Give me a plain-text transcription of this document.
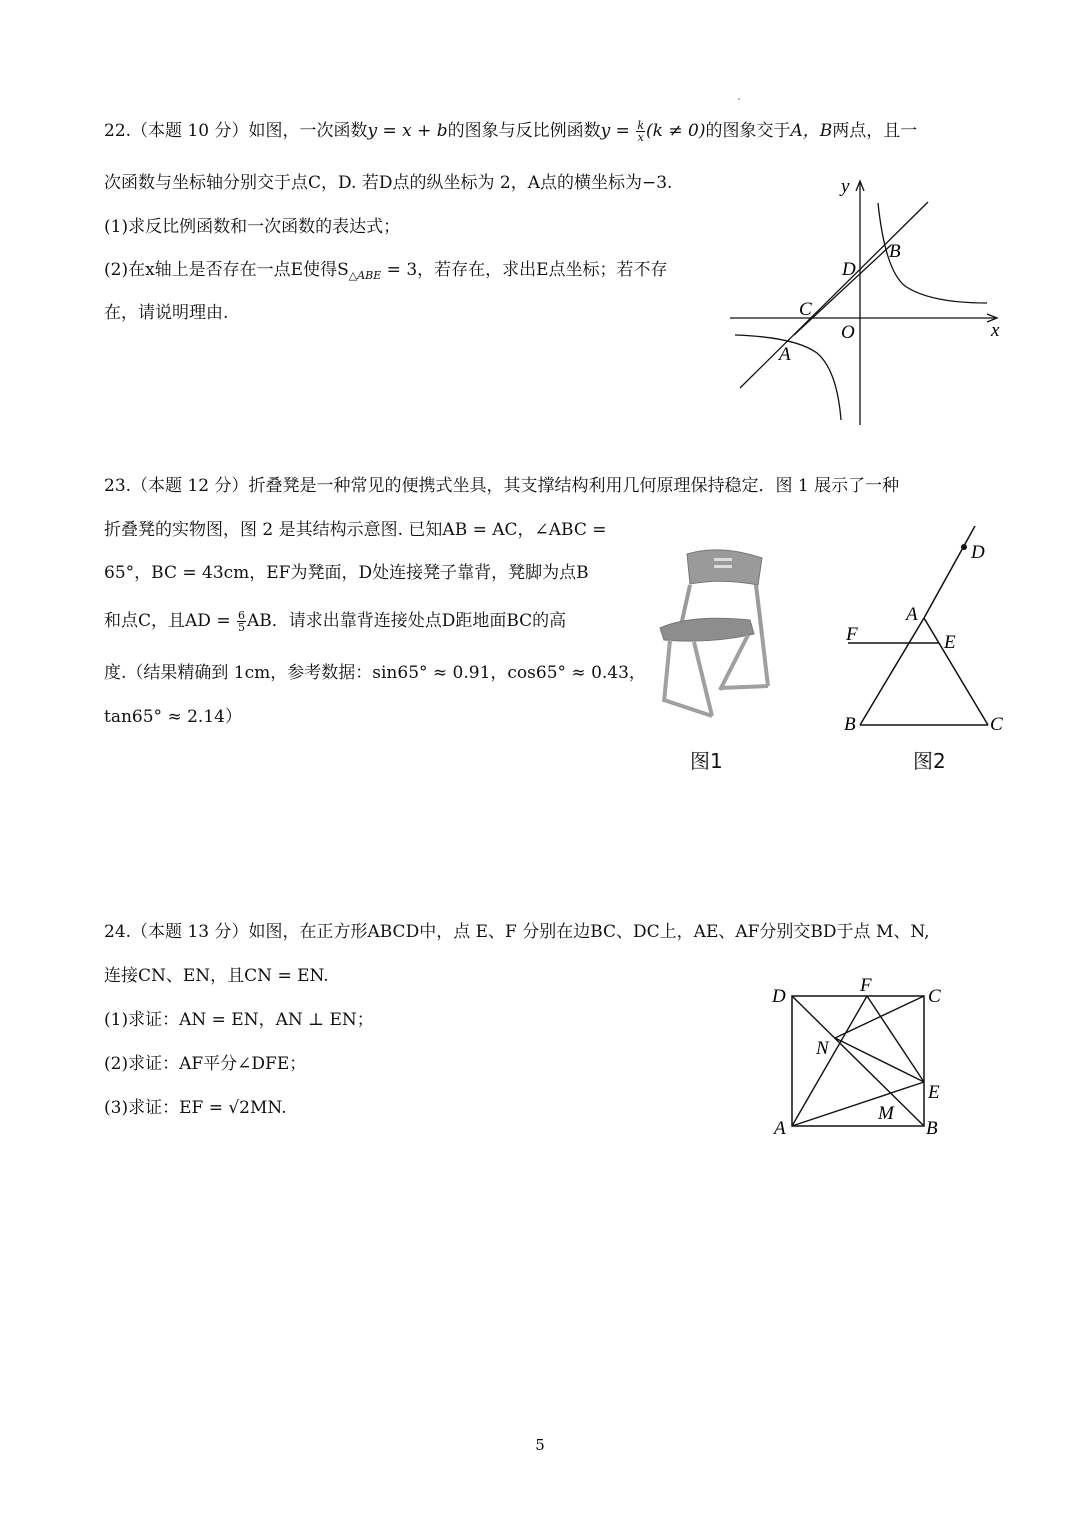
22.（本题 10 分）如图，一次函数y = x + b的图象与反比例函数$y = \frac{k}{x} (k \ne 0)$的图象交于A，B两点，且一
次函数与坐标轴分别交于点C，D. 若D点的纵坐标为 2，A点的横坐标为−3.
(1)求反比例函数和一次函数的表达式；
(2)在x轴上是否存在一点E使得$S_{\triangle ABE} = 3$，若存在，求出E点坐标；若不存
在，请说明理由.
y
x
O
A
B
C
D
23.（本题 12 分）折叠凳是一种常见的便携式坐具，其支撑结构利用几何原理保持稳定．图 1 展示了一种
折叠凳的实物图，图 2 是其结构示意图. 已知AB = AC，∠ABC =
65°，BC = 43cm，EF为凳面，D处连接凳子靠背，凳脚为点B
和点C，且AD = $\frac{6}{5}$ AB．请求出靠背连接处点D距地面BC的高
度.（结果精确到 1cm，参考数据：sin65° ≈ 0.91，cos65° ≈ 0.43，
tan65° ≈ 2.14）
图1
D
A
E
F
B	C
图2
24.（本题 13 分）如图，在正方形ABCD中，点 E、F 分别在边BC、DC上，AE、AF分别交BD于点 M、N,
连接CN、EN，且CN = EN.
(1)求证：AN = EN，AN ⊥ EN；
(2)求证：AF平分∠DFE；
(3)求证：EF = √2MN.
D
F
C
N
E
M
A	B
5
